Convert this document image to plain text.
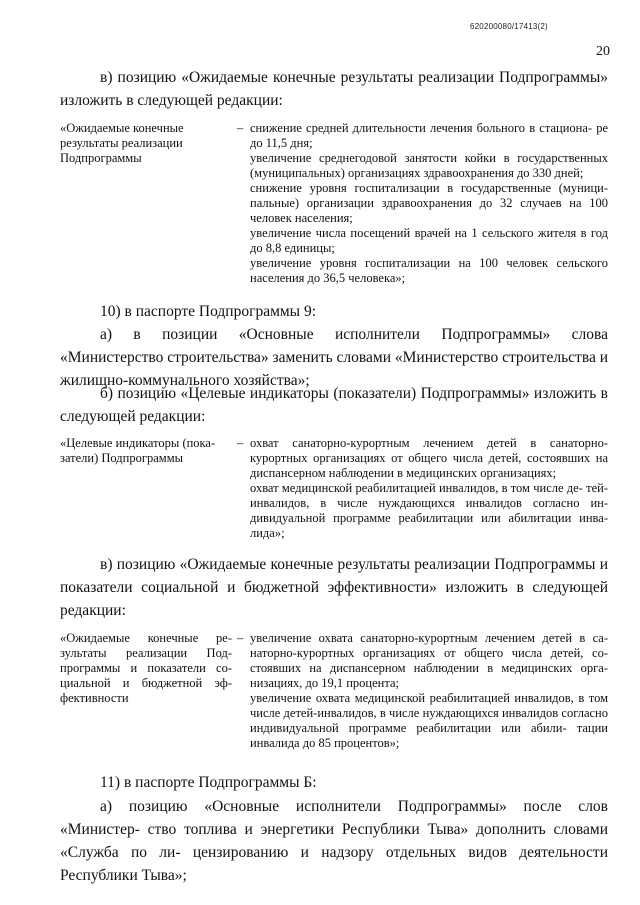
620200080/17413(2)
20

в) позицию «Ожидаемые конечные результаты реализации Подпрограммы» изложить в следующей редакции:

«Ожидаемые конечные результаты реализации Подпрограммы
– снижение средней длительности лечения больного в стациона- ре до 11,5 дня;

увеличение среднегодовой занятости койки в государственных (муниципальных) организациях здравоохранения до 330 дней;

снижение уровня госпитализации в государственные (муници- пальные) организации здравоохранения до 32 случаев на 100 человек населения;

увеличение числа посещений врачей на 1 сельского жителя в год до 8,8 единицы;

увеличение уровня госпитализации на 100 человек сельского населения до 36,5 человека»;

10) в паспорте Подпрограммы 9:

а) в позиции «Основные исполнители Подпрограммы» слова «Министерство строительства» заменить словами «Министерство строительства и жилищно-коммунального хозяйства»;

б) позицию «Целевые индикаторы (показатели) Подпрограммы» изложить в следующей редакции:

«Целевые индикаторы (пока- затели) Подпрограммы
– охват санаторно-курортным лечением детей в санаторно- курортных организациях от общего числа детей, состоявших на диспансерном наблюдении в медицинских организациях;

охват медицинской реабилитацией инвалидов, в том числе де- тей-инвалидов, в числе нуждающихся инвалидов согласно ин- дивидуальной программе реабилитации или абилитации инва- лида»;

в) позицию «Ожидаемые конечные результаты реализации Подпрограммы и показатели социальной и бюджетной эффективности» изложить в следующей редакции:

«Ожидаемые конечные ре- зультаты реализации Под- программы и показатели со- циальной и бюджетной эф- фективности
– увеличение охвата санаторно-курортным лечением детей в са- наторно-курортных организациях от общего числа детей, со- стоявших на диспансерном наблюдении в медицинских орга- низациях, до 19,1 процента;

увеличение охвата медицинской реабилитацией инвалидов, в том числе детей-инвалидов, в числе нуждающихся инвалидов согласно индивидуальной программе реабилитации или абили- тации инвалида до 85 процентов»;

11) в паспорте Подпрограммы Б:

а) позицию «Основные исполнители Подпрограммы» после слов «Министер- ство топлива и энергетики Республики Тыва» дополнить словами «Служба по ли- цензированию и надзору отдельных видов деятельности Республики Тыва»;
